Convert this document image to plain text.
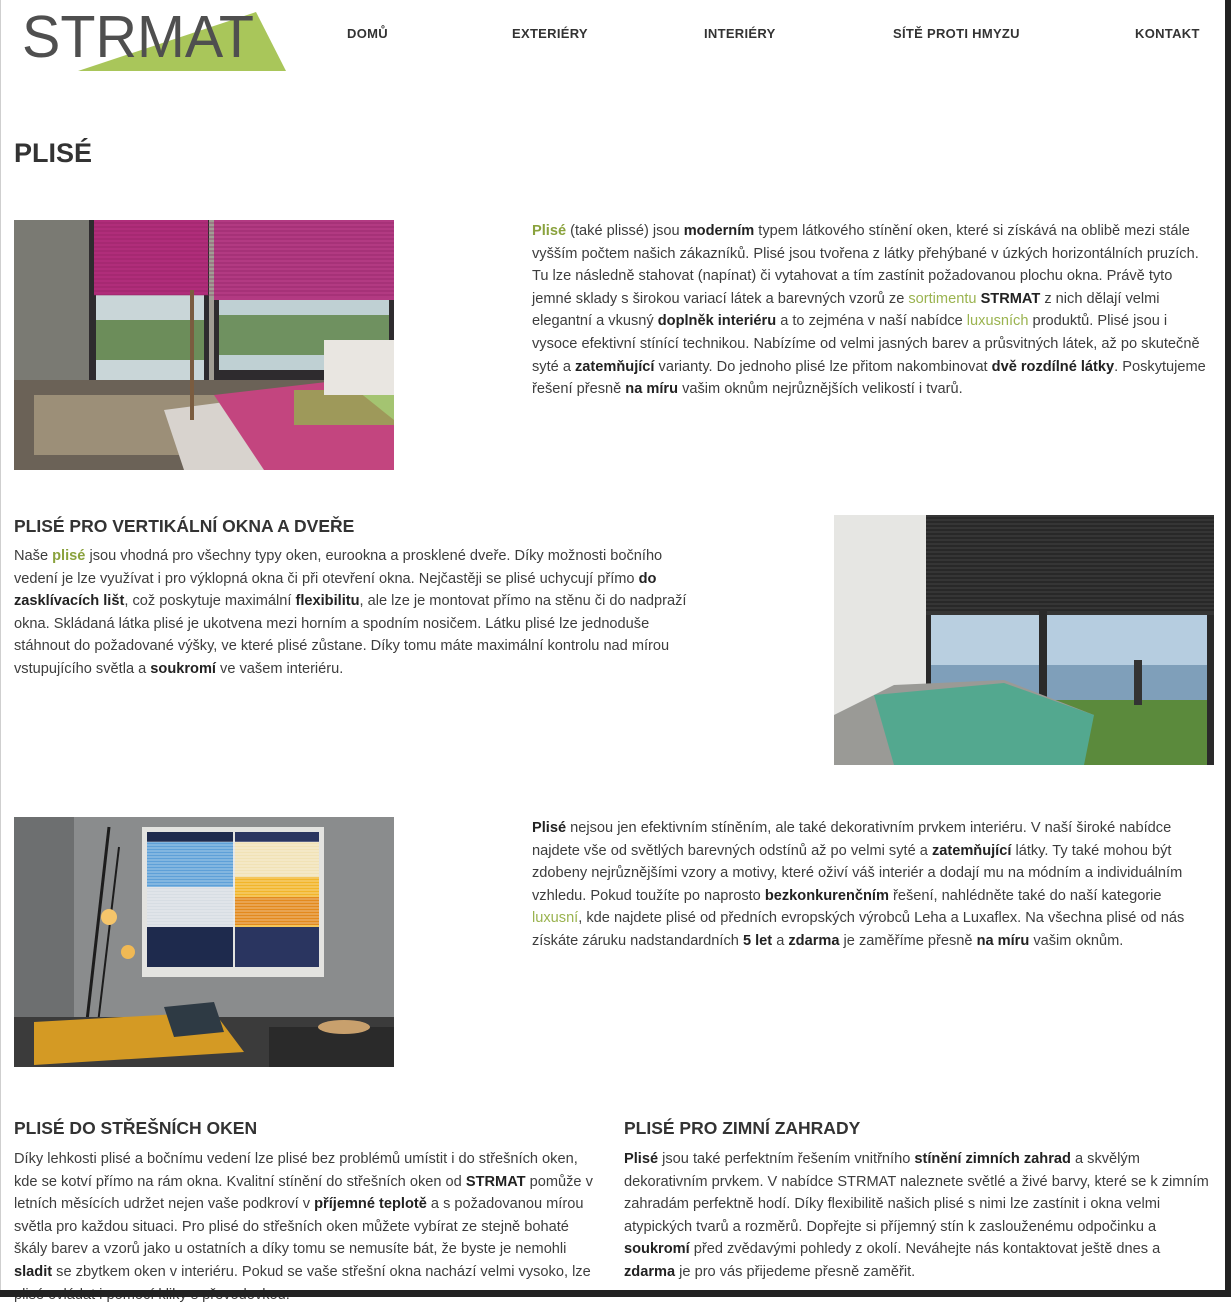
STRMAT	DOMŮ	EXTERIÉRY	INTERIÉRY	SÍTĚ PROTI HMYZU	KONTAKT
PLISÉ

Plisé (také plissé) jsou moderním typem látkového stínění oken, které si získává na oblibě mezi stále vyšším počtem našich zákazníků. Plisé jsou tvořena z látky přehýbané v úzkých horizontálních pruzích. Tu lze následně stahovat (napínat) či vytahovat a tím zastínit požadovanou plochu okna. Právě tyto jemné sklady s širokou variací látek a barevných vzorů ze sortimentu STRMAT z nich dělají velmi elegantní a vkusný doplněk interiéru a to zejména v naší nabídce luxusních produktů. Plisé jsou i vysoce efektivní stínící technikou. Nabízíme od velmi jasných barev a průsvitných látek, až po skutečně syté a zatemňující varianty. Do jednoho plisé lze přitom nakombinovat dvě rozdílné látky. Poskytujeme řešení přesně na míru vašim oknům nejrůznějších velikostí i tvarů.

PLISÉ PRO VERTIKÁLNÍ OKNA A DVEŘE

Naše plisé jsou vhodná pro všechny typy oken, eurookna a prosklené dveře. Díky možnosti bočního vedení je lze využívat i pro výklopná okna či při otevření okna. Nejčastěji se plisé uchycují přímo do zasklívacích lišt, což poskytuje maximální flexibilitu, ale lze je montovat přímo na stěnu či do nadpraží okna. Skládaná látka plisé je ukotvena mezi horním a spodním nosičem. Látku plisé lze jednoduše stáhnout do požadované výšky, ve které plisé zůstane. Díky tomu máte maximální kontrolu nad mírou vstupujícího světla a soukromí ve vašem interiéru.

Plisé nejsou jen efektivním stíněním, ale také dekorativním prvkem interiéru. V naší široké nabídce najdete vše od světlých barevných odstínů až po velmi syté a zatemňující látky. Ty také mohou být zdobeny nejrůznějšími vzory a motivy, které oživí váš interiér a dodají mu na módním a individuálním vzhledu. Pokud toužíte po naprosto bezkonkurenčním řešení, nahlédněte také do naší kategorie luxusní, kde najdete plisé od předních evropských výrobců Leha a Luxaflex. Na všechna plisé od nás získáte záruku nadstandardních 5 let a zdarma je zaměříme přesně na míru vašim oknům.

PLISÉ DO STŘEŠNÍCH OKEN

Díky lehkosti plisé a bočnímu vedení lze plisé bez problémů umístit i do střešních oken, kde se kotví přímo na rám okna. Kvalitní stínění do střešních oken od STRMAT pomůže v letních měsících udržet nejen vaše podkroví v příjemné teplotě a s požadovanou mírou světla pro každou situaci. Pro plisé do střešních oken můžete vybírat ze stejně bohaté škály barev a vzorů jako u ostatních a díky tomu se nemusíte bát, že byste je nemohli sladit se zbytkem oken v interiéru. Pokud se vaše střešní okna nachází velmi vysoko, lze

PLISÉ PRO ZIMNÍ ZAHRADY

Plisé jsou také perfektním řešením vnitřního stínění zimních zahrad a skvělým dekorativním prvkem. V nabídce STRMAT naleznete světlé a živé barvy, které se k zimním zahradám perfektně hodí. Díky flexibilitě našich plisé s nimi lze zastínit i okna velmi atypických tvarů a rozměrů. Dopřejte si příjemný stín k zaslouženému odpočinku a soukromí před zvědavými pohledy z okolí. Neváhejte nás kontaktovat ještě dnes a zdarma je pro vás přijedeme přesně zaměřit.
